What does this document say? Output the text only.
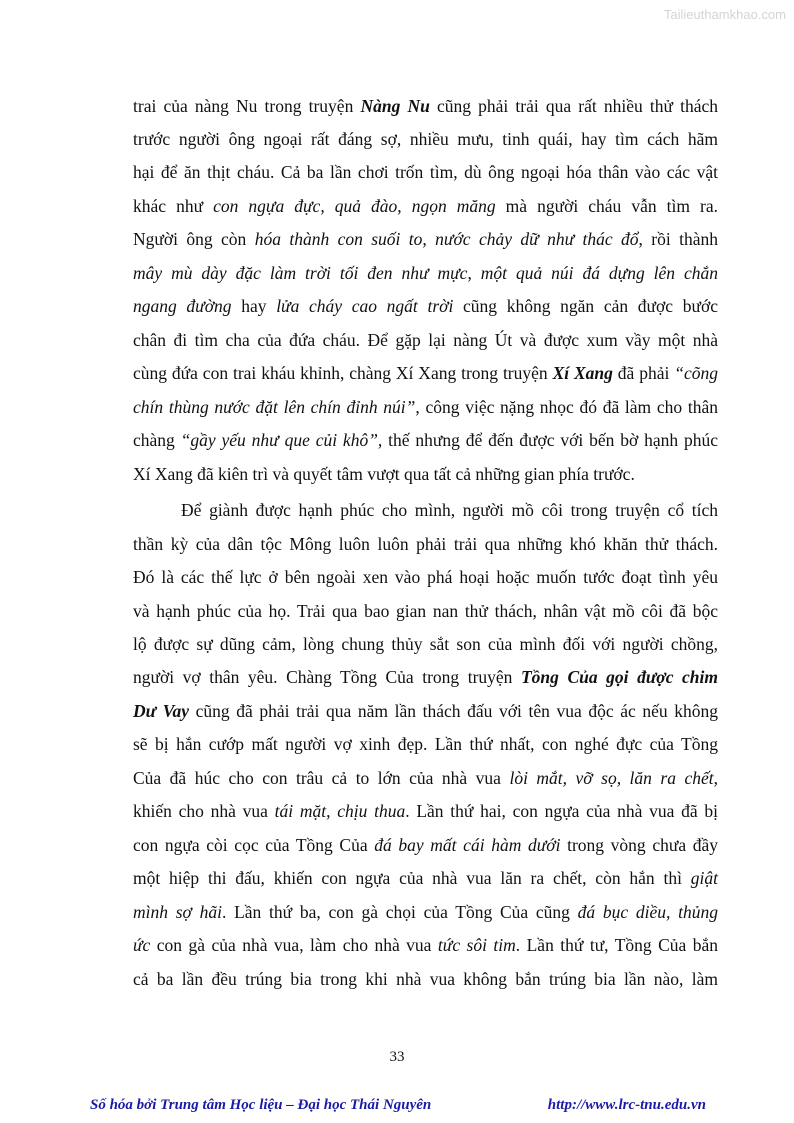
Tailieuthamkhao.com
trai của nàng Nu trong truyện Nàng Nu cũng phải trải qua rất nhiều thử thách
trước người ông ngoại rất đáng sợ, nhiều mưu, tinh quái, hay tìm cách hãm
hại để ăn thịt cháu. Cả ba lần chơi trốn tìm, dù ông ngoại hóa thân vào các vật
khác như con ngựa đực, quả đào, ngọn măng mà người cháu vẫn tìm ra.
Người ông còn hóa thành con suối to, nước chảy dữ như thác đổ, rồi thành
mây mù dày đặc làm trời tối đen như mực, một quả núi đá dựng lên chắn
ngang đường hay lửa cháy cao ngất trời cũng không ngăn cản được bước
chân đi tìm cha của đứa cháu. Để gặp lại nàng Út và được xum vầy một nhà
cùng đứa con trai kháu khỉnh, chàng Xí Xang trong truyện Xí Xang đã phải “cõng
chín thùng nước đặt lên chín đỉnh núi”, công việc nặng nhọc đó đã làm cho thân
chàng “gầy yếu như que củi khô”, thế nhưng để đến được với bến bờ hạnh phúc
Xí Xang đã kiên trì và quyết tâm vượt qua tất cả những gian phía trước.
Để giành được hạnh phúc cho mình, người mồ côi trong truyện cổ tích
thần kỳ của dân tộc Mông luôn luôn phải trải qua những khó khăn thử thách.
Đó là các thế lực ở bên ngoài xen vào phá hoại hoặc muốn tước đoạt tình yêu
và hạnh phúc của họ. Trải qua bao gian nan thử thách, nhân vật mồ côi đã bộc
lộ được sự dũng cảm, lòng chung thủy sắt son của mình đối với người chồng,
người vợ thân yêu. Chàng Tồng Của trong truyện Tồng Của gọi được chim
Dư Vay cũng đã phải trải qua năm lần thách đấu với tên vua độc ác nếu không
sẽ bị hắn cướp mất người vợ xinh đẹp. Lần thứ nhất, con nghé đực của Tồng
Của đã húc cho con trâu cả to lớn của nhà vua lòi mắt, vỡ sọ, lăn ra chết,
khiến cho nhà vua tái mặt, chịu thua. Lần thứ hai, con ngựa của nhà vua đã bị
con ngựa còi cọc của Tồng Của đá bay mất cái hàm dưới trong vòng chưa đầy
một hiệp thi đấu, khiến con ngựa của nhà vua lăn ra chết, còn hắn thì giật
mình sợ hãi. Lần thứ ba, con gà chọi của Tồng Của cũng đá bục diều, thủng
ức con gà của nhà vua, làm cho nhà vua tức sôi tim. Lần thứ tư, Tồng Của bắn
cả ba lần đều trúng bia trong khi nhà vua không bắn trúng bia lần nào, làm
33
Số hóa bởi Trung tâm Học liệu – Đại học Thái Nguyên	http://www.lrc-tnu.edu.vn
